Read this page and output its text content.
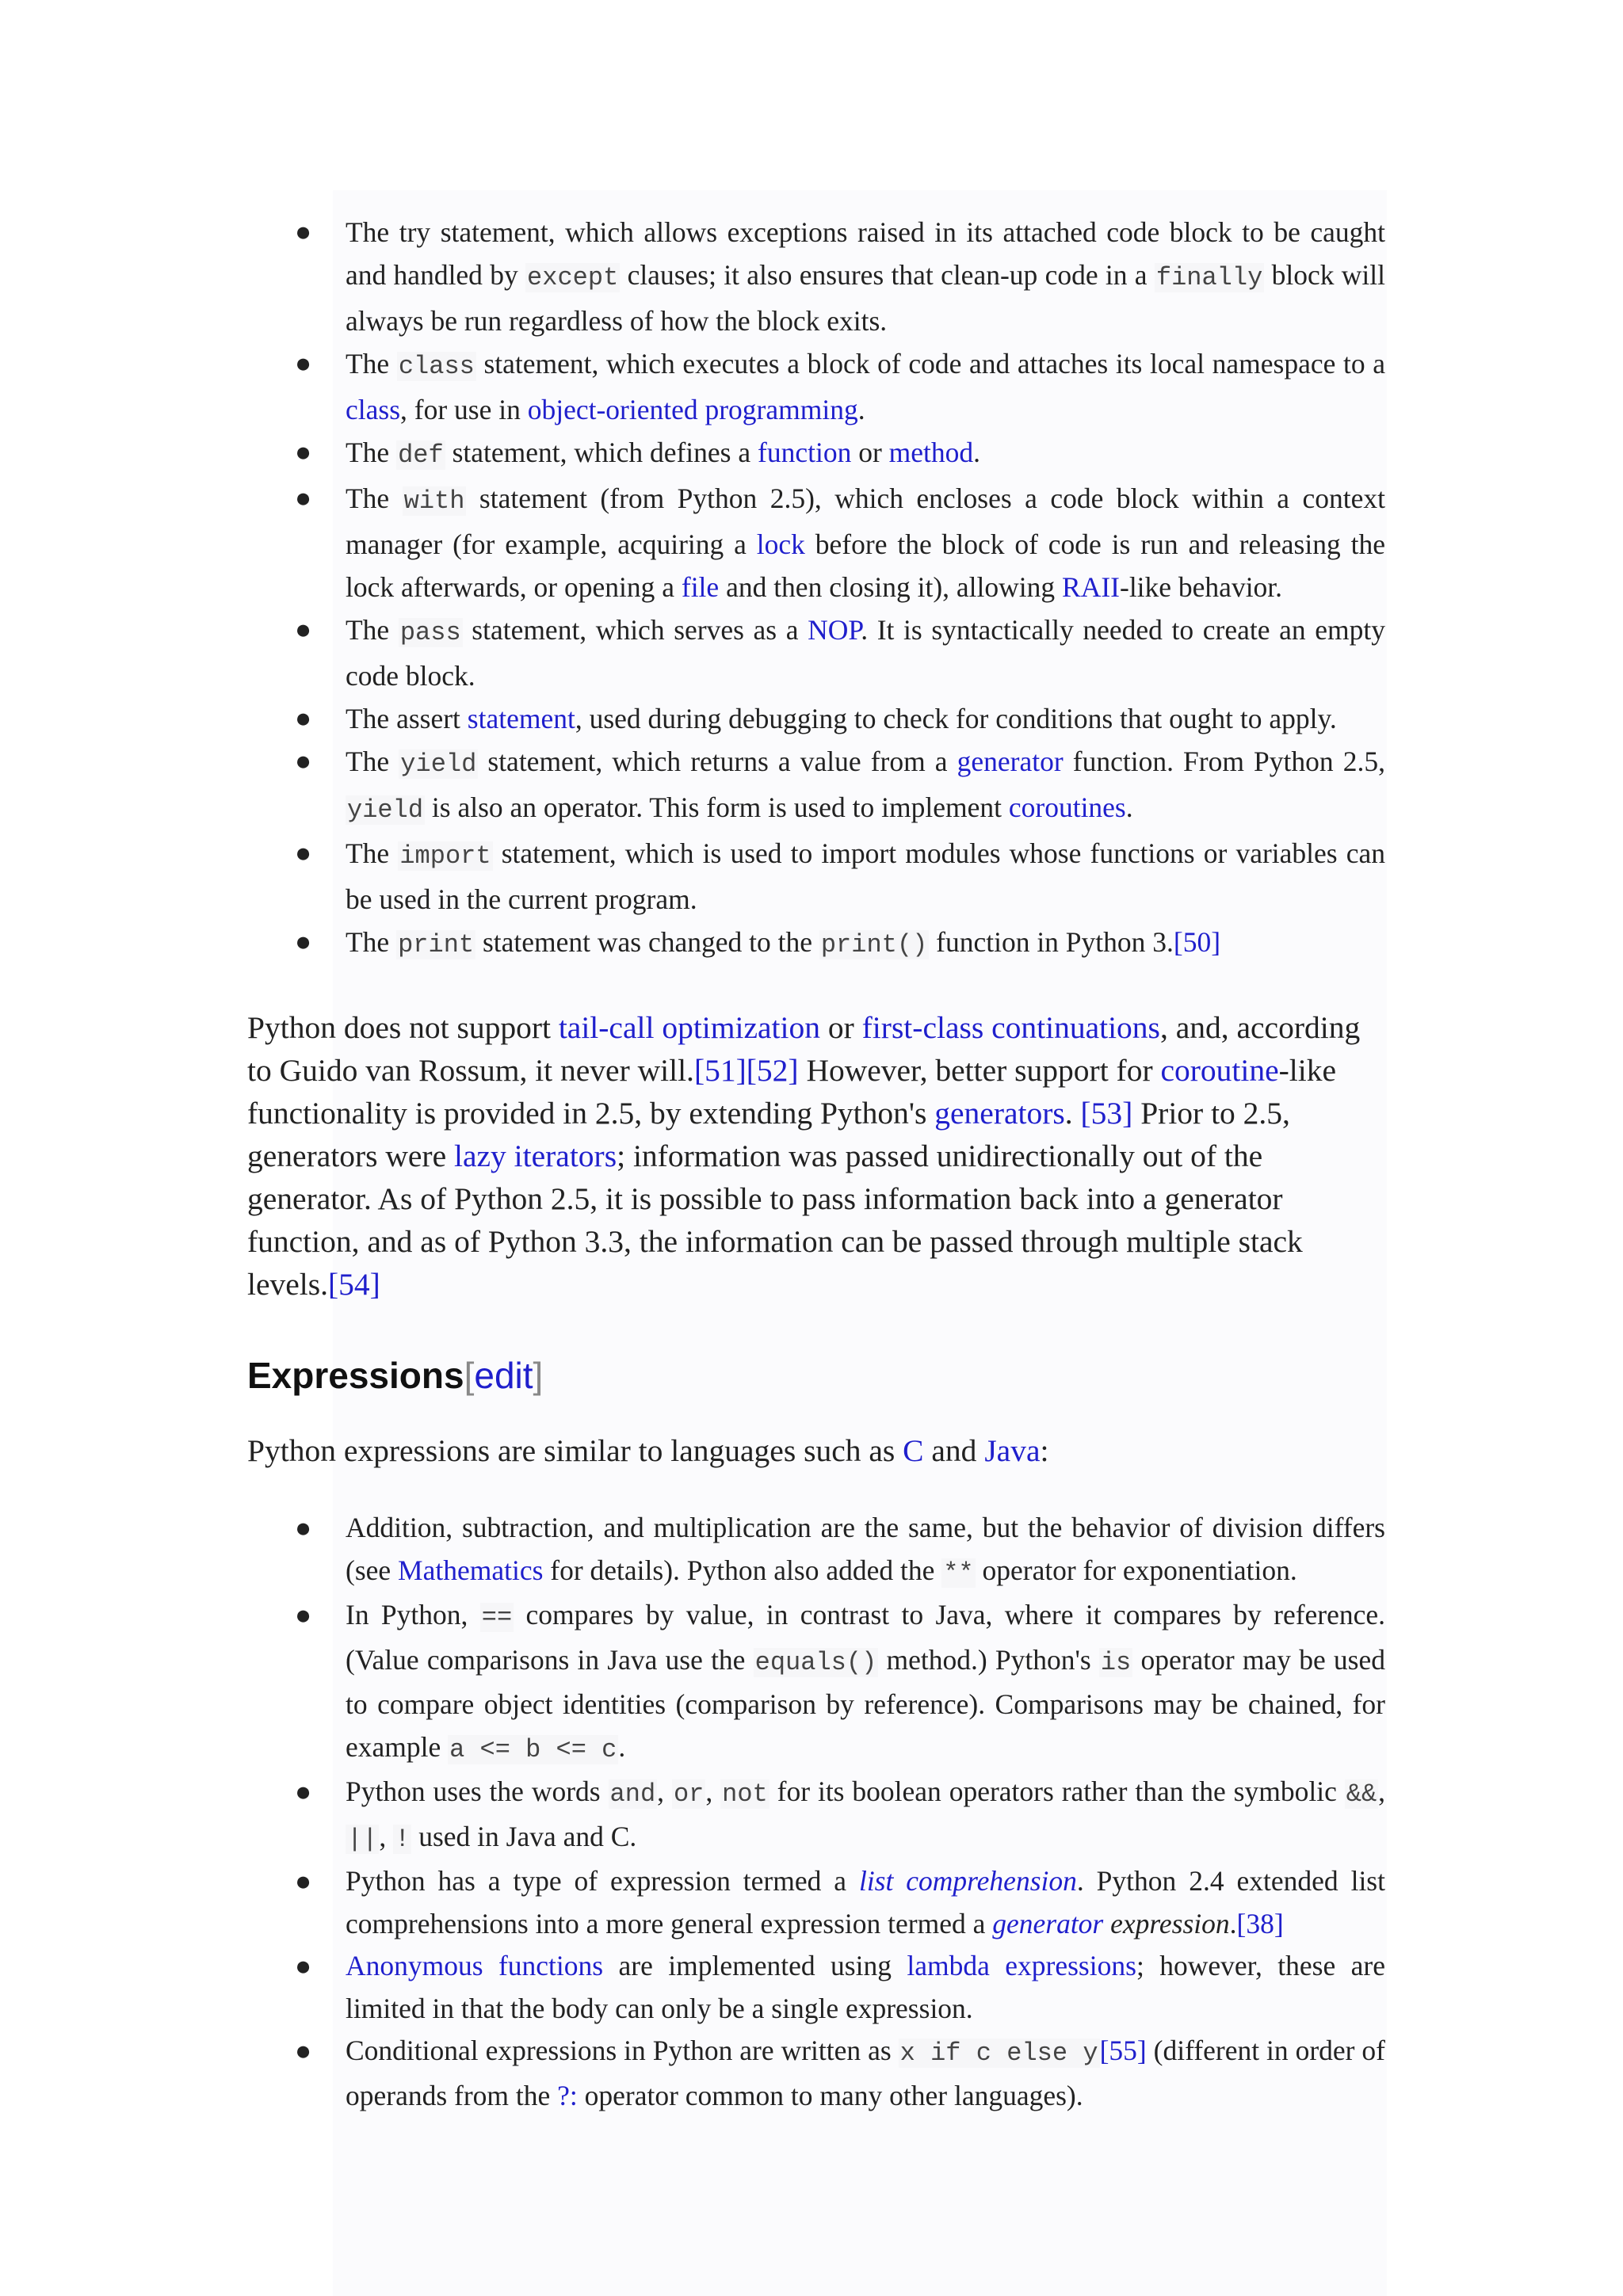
● The try statement, which allows exceptions raised in its attached code block to be caught and handled by except clauses; it also ensures that clean-up code in a finally block will always be run regardless of how the block exits.
● The class statement, which executes a block of code and attaches its local namespace to a class, for use in object-oriented programming.
● The def statement, which defines a function or method.
● The with statement (from Python 2.5), which encloses a code block within a context manager (for example, acquiring a lock before the block of code is run and releasing the lock afterwards, or opening a file and then closing it), allowing RAII-like behavior.
● The pass statement, which serves as a NOP. It is syntactically needed to create an empty code block.
● The assert statement, used during debugging to check for conditions that ought to apply.
● The yield statement, which returns a value from a generator function. From Python 2.5, yield is also an operator. This form is used to implement coroutines.
● The import statement, which is used to import modules whose functions or variables can be used in the current program.
● The print statement was changed to the print() function in Python 3.[50]

Python does not support tail-call optimization or first-class continuations, and, according to Guido van Rossum, it never will.[51][52] However, better support for coroutine-like functionality is provided in 2.5, by extending Python's generators. [53] Prior to 2.5, generators were lazy iterators; information was passed unidirectionally out of the generator. As of Python 2.5, it is possible to pass information back into a generator function, and as of Python 3.3, the information can be passed through multiple stack levels.[54]

Expressions[edit]

Python expressions are similar to languages such as C and Java:

● Addition, subtraction, and multiplication are the same, but the behavior of division differs (see Mathematics for details). Python also added the ** operator for exponentiation.
● In Python, == compares by value, in contrast to Java, where it compares by reference. (Value comparisons in Java use the equals() method.) Python's is operator may be used to compare object identities (comparison by reference). Comparisons may be chained, for example a <= b <= c.
● Python uses the words and, or, not for its boolean operators rather than the symbolic &&, ||, ! used in Java and C.
● Python has a type of expression termed a list comprehension. Python 2.4 extended list comprehensions into a more general expression termed a generator expression.[38]
● Anonymous functions are implemented using lambda expressions; however, these are limited in that the body can only be a single expression.
● Conditional expressions in Python are written as x if c else y[55] (different in order of operands from the ?: operator common to many other languages).
